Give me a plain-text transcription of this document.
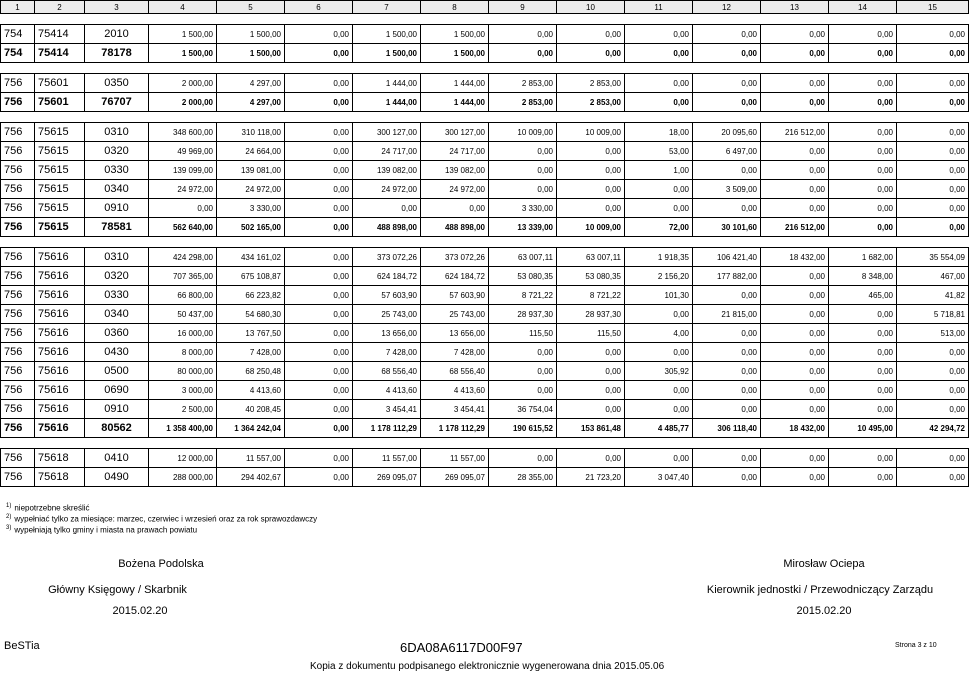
1	2	3	4	5	6	7	8	9	10	11	12	13	14	15

754	75414	2010	1 500,00	1 500,00	0,00	1 500,00	1 500,00	0,00	0,00	0,00	0,00	0,00	0,00	0,00
754	75414	78178	1 500,00	1 500,00	0,00	1 500,00	1 500,00	0,00	0,00	0,00	0,00	0,00	0,00	0,00

756	75601	0350	2 000,00	4 297,00	0,00	1 444,00	1 444,00	2 853,00	2 853,00	0,00	0,00	0,00	0,00	0,00
756	75601	76707	2 000,00	4 297,00	0,00	1 444,00	1 444,00	2 853,00	2 853,00	0,00	0,00	0,00	0,00	0,00

756	75615	0310	348 600,00	310 118,00	0,00	300 127,00	300 127,00	10 009,00	10 009,00	18,00	20 095,60	216 512,00	0,00	0,00
756	75615	0320	49 969,00	24 664,00	0,00	24 717,00	24 717,00	0,00	0,00	53,00	6 497,00	0,00	0,00	0,00
756	75615	0330	139 099,00	139 081,00	0,00	139 082,00	139 082,00	0,00	0,00	1,00	0,00	0,00	0,00	0,00
756	75615	0340	24 972,00	24 972,00	0,00	24 972,00	24 972,00	0,00	0,00	0,00	3 509,00	0,00	0,00	0,00
756	75615	0910	0,00	3 330,00	0,00	0,00	0,00	3 330,00	0,00	0,00	0,00	0,00	0,00	0,00
756	75615	78581	562 640,00	502 165,00	0,00	488 898,00	488 898,00	13 339,00	10 009,00	72,00	30 101,60	216 512,00	0,00	0,00

756	75616	0310	424 298,00	434 161,02	0,00	373 072,26	373 072,26	63 007,11	63 007,11	1 918,35	106 421,40	18 432,00	1 682,00	35 554,09
756	75616	0320	707 365,00	675 108,87	0,00	624 184,72	624 184,72	53 080,35	53 080,35	2 156,20	177 882,00	0,00	8 348,00	467,00
756	75616	0330	66 800,00	66 223,82	0,00	57 603,90	57 603,90	8 721,22	8 721,22	101,30	0,00	0,00	465,00	41,82
756	75616	0340	50 437,00	54 680,30	0,00	25 743,00	25 743,00	28 937,30	28 937,30	0,00	21 815,00	0,00	0,00	5 718,81
756	75616	0360	16 000,00	13 767,50	0,00	13 656,00	13 656,00	115,50	115,50	4,00	0,00	0,00	0,00	513,00
756	75616	0430	8 000,00	7 428,00	0,00	7 428,00	7 428,00	0,00	0,00	0,00	0,00	0,00	0,00	0,00
756	75616	0500	80 000,00	68 250,48	0,00	68 556,40	68 556,40	0,00	0,00	305,92	0,00	0,00	0,00	0,00
756	75616	0690	3 000,00	4 413,60	0,00	4 413,60	4 413,60	0,00	0,00	0,00	0,00	0,00	0,00	0,00
756	75616	0910	2 500,00	40 208,45	0,00	3 454,41	3 454,41	36 754,04	0,00	0,00	0,00	0,00	0,00	0,00
756	75616	80562	1 358 400,00	1 364 242,04	0,00	1 178 112,29	1 178 112,29	190 615,52	153 861,48	4 485,77	306 118,40	18 432,00	10 495,00	42 294,72

756	75618	0410	12 000,00	11 557,00	0,00	11 557,00	11 557,00	0,00	0,00	0,00	0,00	0,00	0,00	0,00
756	75618	0490	288 000,00	294 402,67	0,00	269 095,07	269 095,07	28 355,00	21 723,20	3 047,40	0,00	0,00	0,00	0,00
$^{1)}$ niepotrzebne skreślić
$^{2)}$ wypełniać tylko za miesiące: marzec, czerwiec i wrzesień oraz za rok sprawozdawczy
$^{3)}$ wypełniają tylko gminy i miasta na prawach powiatu
Bożena Podolska
Główny Księgowy / Skarbnik
2015.02.20
Mirosław Ociepa
Kierownik jednostki / Przewodniczący Zarządu
2015.02.20
BeSTia	6DA08A6117D00F97	Strona 3 z 10
Kopia z dokumentu podpisanego elektronicznie wygenerowana dnia 2015.05.06
